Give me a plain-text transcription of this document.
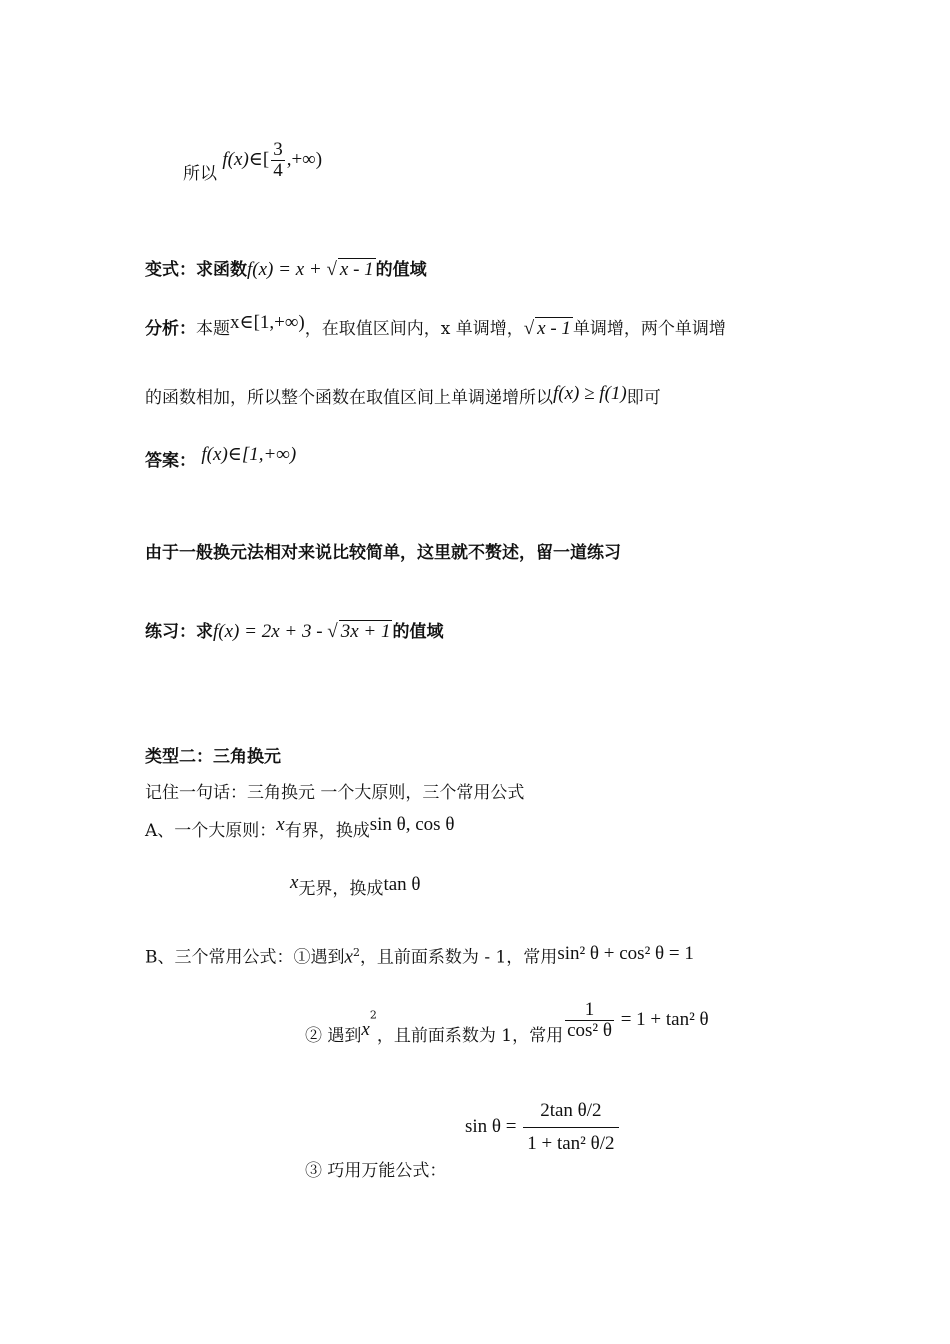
所以 f(x)∈[ $\frac{3}{4}$ ,+∞)
变式：求函数f(x) = x + √ x - 1 的值域
分析：本题x∈[1,+∞)，在取值区间内，x 单调增，√ x - 1 单调增，两个单调增
的函数相加，所以整个函数在取值区间上单调递增所以f(x) ≥ f(1)即可
答案： f(x)∈[1,+∞)
由于一般换元法相对来说比较简单，这里就不赘述，留一道练习
练习：求f(x) = 2x + 3 - √ 3x + 1 的值域
类型二：三角换元
记住一句话：三角换元 一个大原则，三个常用公式
A、一个大原则：x有界，换成sin θ, cos θ
x无界，换成tan θ
B、三个常用公式：①遇到$x^2$，且前面系数为 - 1，常用sin² θ + cos² θ = 1
② 遇到$x^2$，且前面系数为 1，常用 $\frac{1}{\text{cos² θ}} = 1 + \tan^2$ θ
$\sin \theta = \frac{\text{2tan θ/2}}{\text{1 + tan² θ/2}}$
③ 巧用万能公式：
